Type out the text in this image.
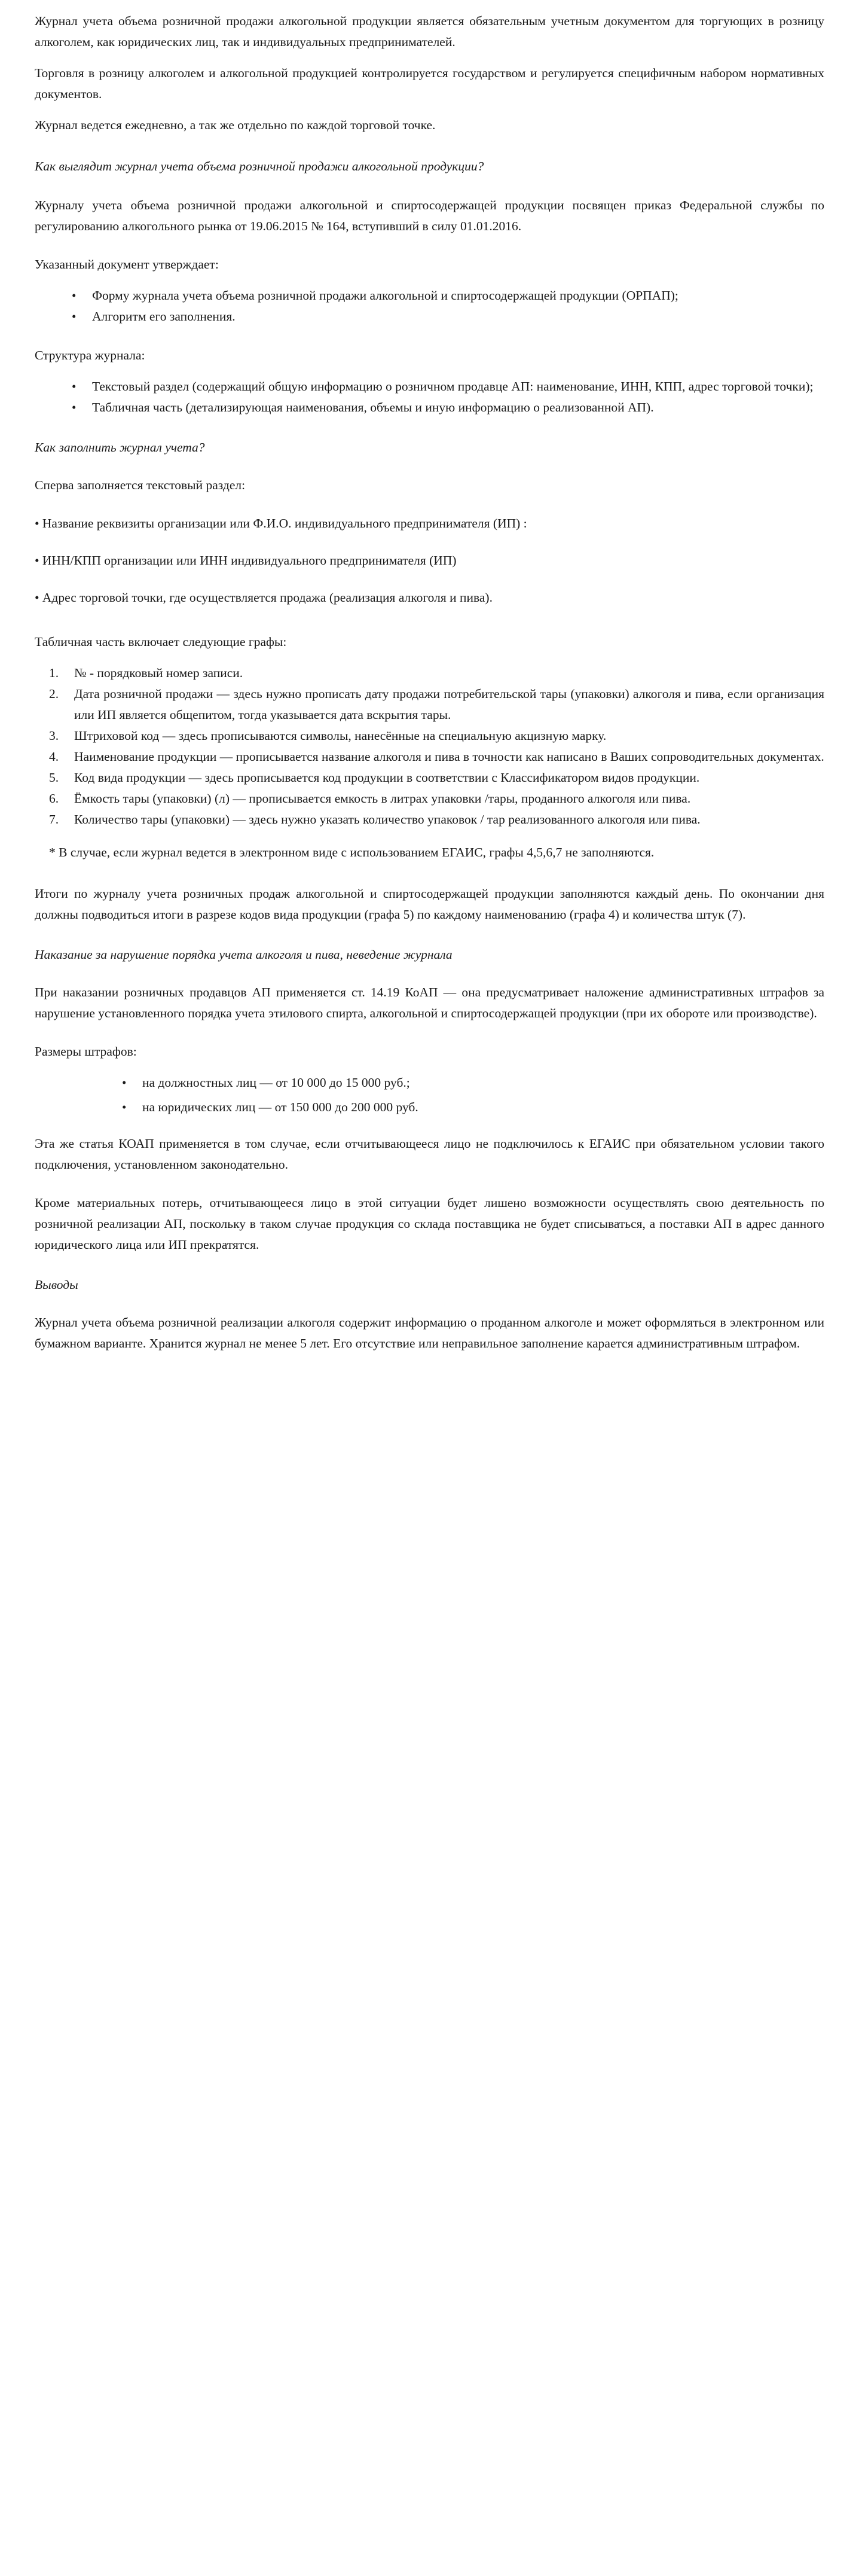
Журнал учета объема розничной продажи алкогольной продукции является обязательным учетным документом для торгующих в розницу алкоголем, как юридических лиц, так и индивидуальных предпринимателей.

Торговля в розницу алкоголем и алкогольной продукцией контролируется государством и регулируется специфичным набором нормативных документов.

Журнал ведется ежедневно, а так же отдельно по каждой торговой точке.

Как выглядит журнал учета объема розничной продажи алкогольной продукции?

Журналу учета объема розничной продажи алкогольной и спиртосодержащей продукции посвящен приказ Федеральной службы по регулированию алкогольного рынка от 19.06.2015 № 164, вступивший в силу 01.01.2016.

Указанный документ утверждает:

• Форму журнала учета объема розничной продажи алкогольной и спиртосодержащей продукции (ОРПАП);
• Алгоритм его заполнения.

Структура журнала:

• Текстовый раздел (содержащий общую информацию о розничном продавце АП: наименование, ИНН, КПП, адрес торговой точки);
• Табличная часть (детализирующая наименования, объемы и иную информацию о реализованной АП).
Как заполнить журнал учета?

Сперва заполняется текстовый раздел:

• Название реквизиты организации или Ф.И.О. индивидуального предпринимателя (ИП) :

• ИНН/КПП организации или ИНН индивидуального предпринимателя (ИП)

• Адрес торговой точки, где осуществляется продажа (реализация алкоголя и пива).

Табличная часть включает следующие графы:

№ - порядковый номер записи.
Дата розничной продажи — здесь нужно прописать дату продажи потребительской тары (упаковки) алкоголя и пива, если организация или ИП является общепитом, тогда указывается дата вскрытия тары.
Штриховой код — здесь прописываются символы, нанесённые на специальную акцизную марку.
Наименование продукции — прописывается название алкоголя и пива в точности как написано в Ваших сопроводительных документах.
Код вида продукции — здесь прописывается код продукции в соответствии с Классификатором видов продукции.
Ёмкость тары (упаковки) (л) — прописывается емкость в литрах упаковки /тары, проданного алкоголя или пива.
Количество тары (упаковки) — здесь нужно указать количество упаковок / тар реализованного алкоголя или пива.

* В случае, если журнал ведется в электронном виде с использованием ЕГАИС, графы 4,5,6,7 не заполняются.

Итоги по журналу учета розничных продаж алкогольной и спиртосодержащей продукции заполняются каждый день. По окончании дня должны подводиться итоги в разрезе кодов вида продукции (графа 5) по каждому наименованию (графа 4) и количества штук (7).

Наказание за нарушение порядка учета алкоголя и пива, неведение журнала

При наказании розничных продавцов АП применяется ст. 14.19 КоАП — она предусматривает наложение административных штрафов за нарушение установленного порядка учета этилового спирта, алкогольной и спиртосодержащей продукции (при их обороте или производстве).

Размеры штрафов:

• на должностных лиц — от 10 000 до 15 000 руб.;
• на юридических лиц — от 150 000 до 200 000 руб.

Эта же статья КОАП применяется в том случае, если отчитывающееся лицо не подключилось к ЕГАИС при обязательном условии такого подключения, установленном законодательно.

Кроме материальных потерь, отчитывающееся лицо в этой ситуации будет лишено возможности осуществлять свою деятельность по розничной реализации АП, поскольку в таком случае продукция со склада поставщика не будет списываться, а поставки АП в адрес данного юридического лица или ИП прекратятся.

Выводы

Журнал учета объема розничной реализации алкоголя содержит информацию о проданном алкоголе и может оформляться в электронном или бумажном варианте. Хранится журнал не менее 5 лет. Его отсутствие или неправильное заполнение карается административным штрафом.
